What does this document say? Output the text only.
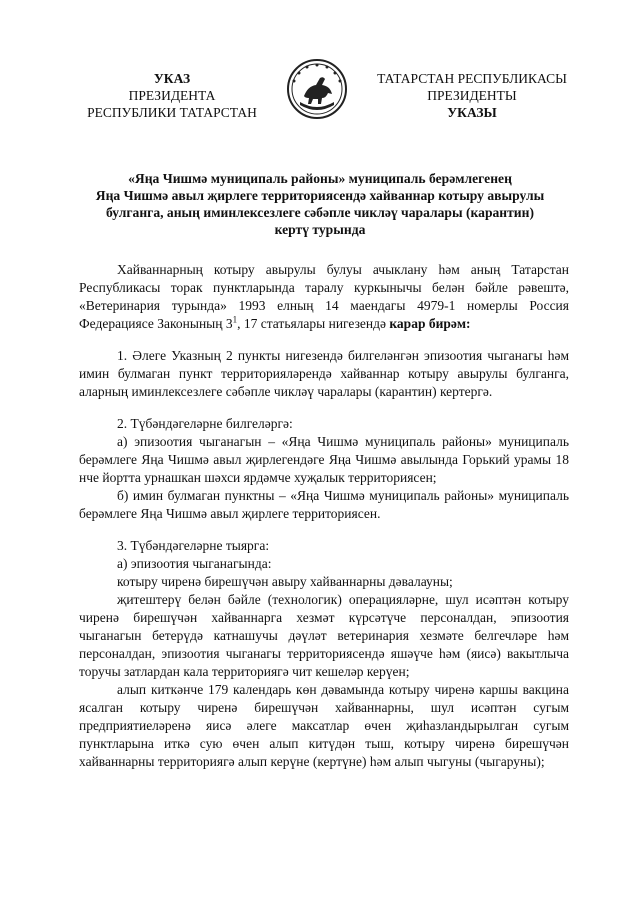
УКАЗ
ПРЕЗИДЕНТА
РЕСПУБЛИКИ ТАТАРСТАН
ТАТАРСТАН РЕСПУБЛИКАСЫ
ПРЕЗИДЕНТЫ
УКАЗЫ
«Яңа Чишмә муниципаль районы» муниципаль берәмлегенең
Яңа Чишмә авыл җирлеге территориясендә хайваннар котыру авырулы
булганга, аның иминлексезлеге сәбәпле чикләү чаралары (карантин)
кертү турында

Хайваннарның котыру авырулы булуы ачыклану һәм аның Татарстан Республикасы торак пунктларында таралу куркынычы белән бәйле рәвештә, «Ветеринария турында» 1993 елның 14 маендагы 4979-1 номерлы Россия Федерациясе Законының $3^1$, 17 статьялары нигезендә карар бирәм:

1. Әлеге Указның 2 пункты нигезендә билгеләнгән эпизоотия чыганагы һәм имин булмаган пункт территорияләрендә хайваннар котыру авырулы булганга, аларның иминлексезлеге сәбәпле чикләү чаралары (карантин) кертергә.

2. Түбәндәгеләрне билгеләргә:

а) эпизоотия чыганагын – «Яңа Чишмә муниципаль районы» муниципаль берәмлеге Яңа Чишмә авыл җирлегендәге Яңа Чишмә авылында Горький урамы 18 нче йортта урнашкан шәхси ярдәмче хуҗалык территориясен;

б) имин булмаган пунктны – «Яңа Чишмә муниципаль районы» муниципаль берәмлеге Яңа Чишмә авыл җирлеге территориясен.

3. Түбәндәгеләрне тыярга:

а) эпизоотия чыганагында:

котыру чиренә бирешүчән авыру хайваннарны дәвалауны;

җитештерү белән бәйле (технологик) операцияләрне, шул исәптән котыру чиренә бирешүчән хайваннарга хезмәт күрсәтүче персоналдан, эпизоотия чыганагын бетерүдә катнашучы дәүләт ветеринария хезмәте белгечләре һәм персоналдан, эпизоотия чыганагы территориясендә яшәүче һәм (яисә) вакытлыча торучы затлардан кала территориягә чит кешеләр керүен;

алып киткәнче 179 календарь көн дәвамында котыру чиренә каршы вакцина ясалган котыру чиренә бирешүчән хайваннарны, шул исәптән сугым предприятиеләренә яисә әлеге максатлар өчен җиһазландырылган сугым пунктларына иткә сую өчен алып китүдән тыш, котыру чиренә бирешүчән хайваннарны территориягә алып керүне (кертүне) һәм алып чыгуны (чыгаруны);
